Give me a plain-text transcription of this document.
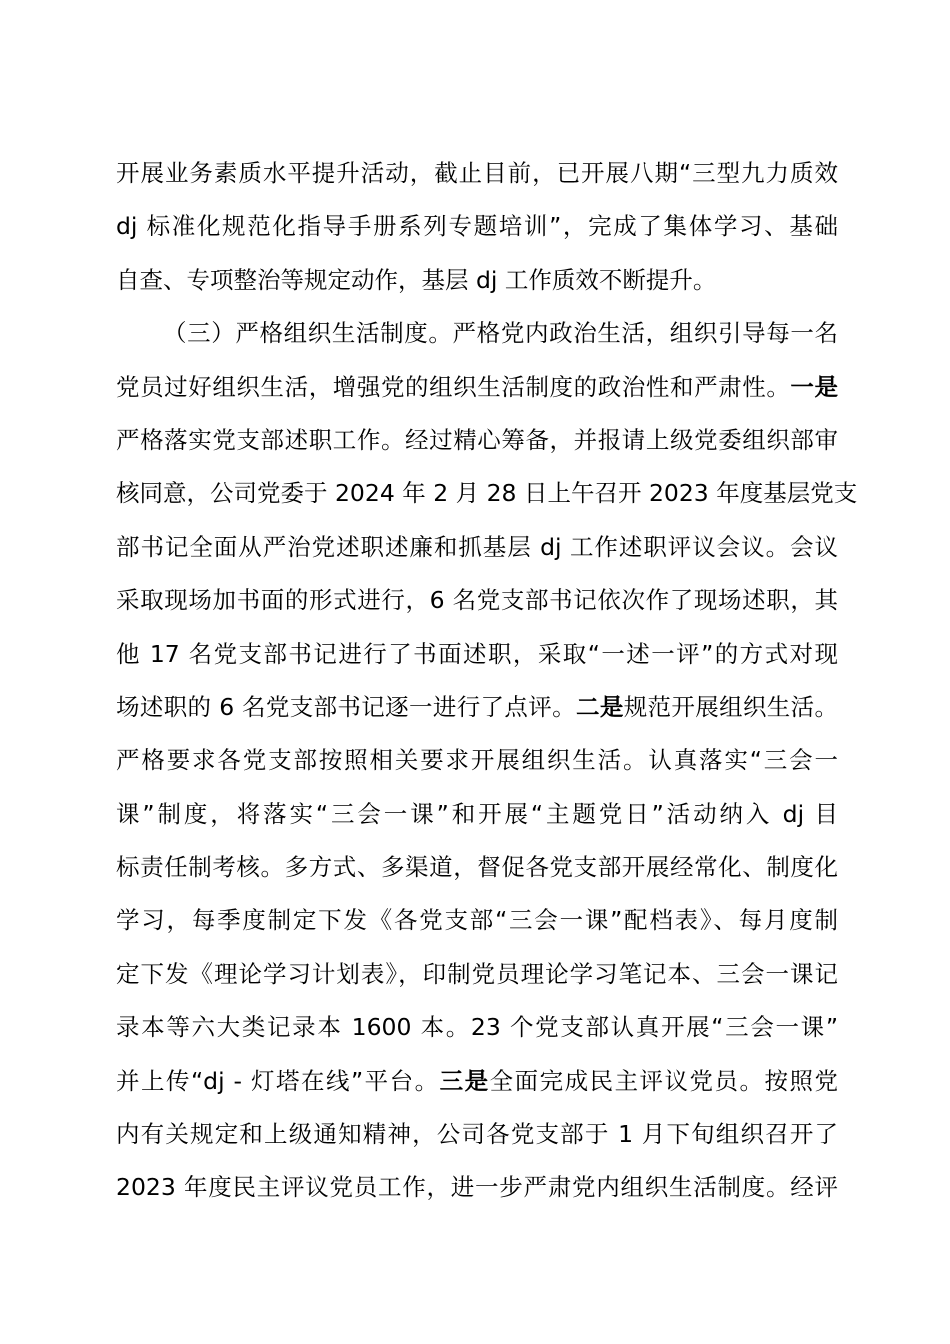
开展业务素质水平提升活动，截止目前，已开展八期“三型九力质效
dj 标准化规范化指导手册系列专题培训”，完成了集体学习、基础
自查、专项整治等规定动作，基层 dj 工作质效不断提升。
（三）严格组织生活制度。严格党内政治生活，组织引导每一名
党员过好组织生活，增强党的组织生活制度的政治性和严肃性。一是
严格落实党支部述职工作。经过精心筹备，并报请上级党委组织部审
核同意，公司党委于 2024 年 2 月 28 日上午召开 2023 年度基层党支
部书记全面从严治党述职述廉和抓基层 dj 工作述职评议会议。会议
采取现场加书面的形式进行，6 名党支部书记依次作了现场述职，其
他 17 名党支部书记进行了书面述职，采取“一述一评”的方式对现
场述职的 6 名党支部书记逐一进行了点评。二是规范开展组织生活。
严格要求各党支部按照相关要求开展组织生活。认真落实“三会一
课”制度，将落实“三会一课”和开展“主题党日”活动纳入 dj 目
标责任制考核。多方式、多渠道，督促各党支部开展经常化、制度化
学习，每季度制定下发《各党支部“三会一课”配档表》、每月度制
定下发《理论学习计划表》，印制党员理论学习笔记本、三会一课记
录本等六大类记录本 1600 本。23 个党支部认真开展“三会一课”
并上传“dj - 灯塔在线”平台。三是全面完成民主评议党员。按照党
内有关规定和上级通知精神，公司各党支部于 1 月下旬组织召开了
2023 年度民主评议党员工作，进一步严肃党内组织生活制度。经评
